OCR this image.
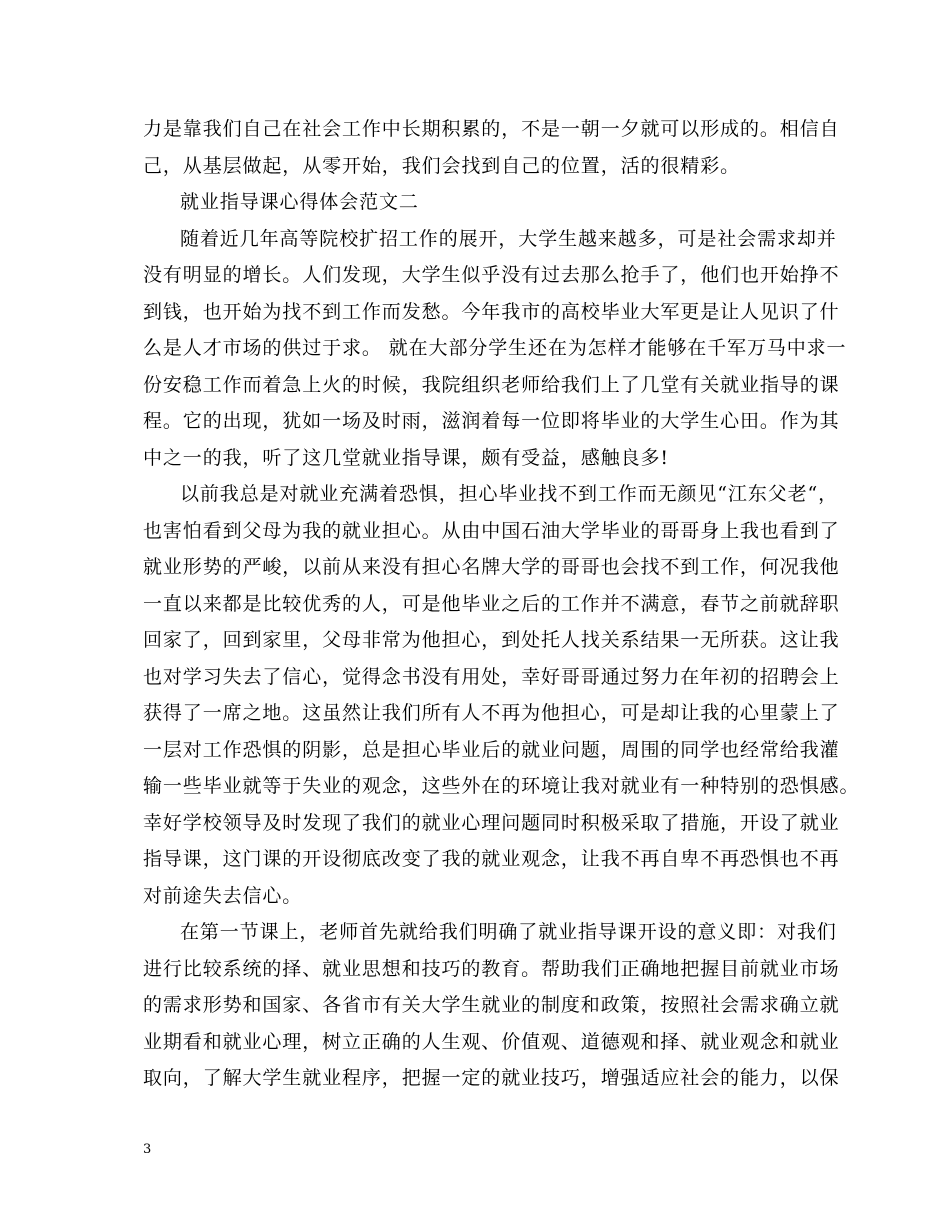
力是靠我们自己在社会工作中长期积累的，不是一朝一夕就可以形成的。相信自
己，从基层做起，从零开始，我们会找到自己的位置，活的很精彩。
就业指导课心得体会范文二
随着近几年高等院校扩招工作的展开，大学生越来越多，可是社会需求却并
没有明显的增长。人们发现，大学生似乎没有过去那么抢手了，他们也开始挣不
到钱，也开始为找不到工作而发愁。今年我市的高校毕业大军更是让人见识了什
么是人才市场的供过于求。 就在大部分学生还在为怎样才能够在千军万马中求一
份安稳工作而着急上火的时候，我院组织老师给我们上了几堂有关就业指导的课
程。它的出现，犹如一场及时雨，滋润着每一位即将毕业的大学生心田。作为其
中之一的我，听了这几堂就业指导课，颇有受益，感触良多!
以前我总是对就业充满着恐惧，担心毕业找不到工作而无颜见“江东父老“，
也害怕看到父母为我的就业担心。从由中国石油大学毕业的哥哥身上我也看到了
就业形势的严峻，以前从来没有担心名牌大学的哥哥也会找不到工作，何况我他
一直以来都是比较优秀的人，可是他毕业之后的工作并不满意，春节之前就辞职
回家了，回到家里，父母非常为他担心，到处托人找关系结果一无所获。这让我
也对学习失去了信心，觉得念书没有用处，幸好哥哥通过努力在年初的招聘会上
获得了一席之地。这虽然让我们所有人不再为他担心，可是却让我的心里蒙上了
一层对工作恐惧的阴影，总是担心毕业后的就业问题，周围的同学也经常给我灌
输一些毕业就等于失业的观念，这些外在的环境让我对就业有一种特别的恐惧感。
幸好学校领导及时发现了我们的就业心理问题同时积极采取了措施，开设了就业
指导课，这门课的开设彻底改变了我的就业观念，让我不再自卑不再恐惧也不再
对前途失去信心。
在第一节课上，老师首先就给我们明确了就业指导课开设的意义即：对我们
进行比较系统的择、就业思想和技巧的教育。帮助我们正确地把握目前就业市场
的需求形势和国家、各省市有关大学生就业的制度和政策，按照社会需求确立就
业期看和就业心理，树立正确的人生观、价值观、道德观和择、就业观念和就业
取向，了解大学生就业程序，把握一定的就业技巧，增强适应社会的能力，以保
3
